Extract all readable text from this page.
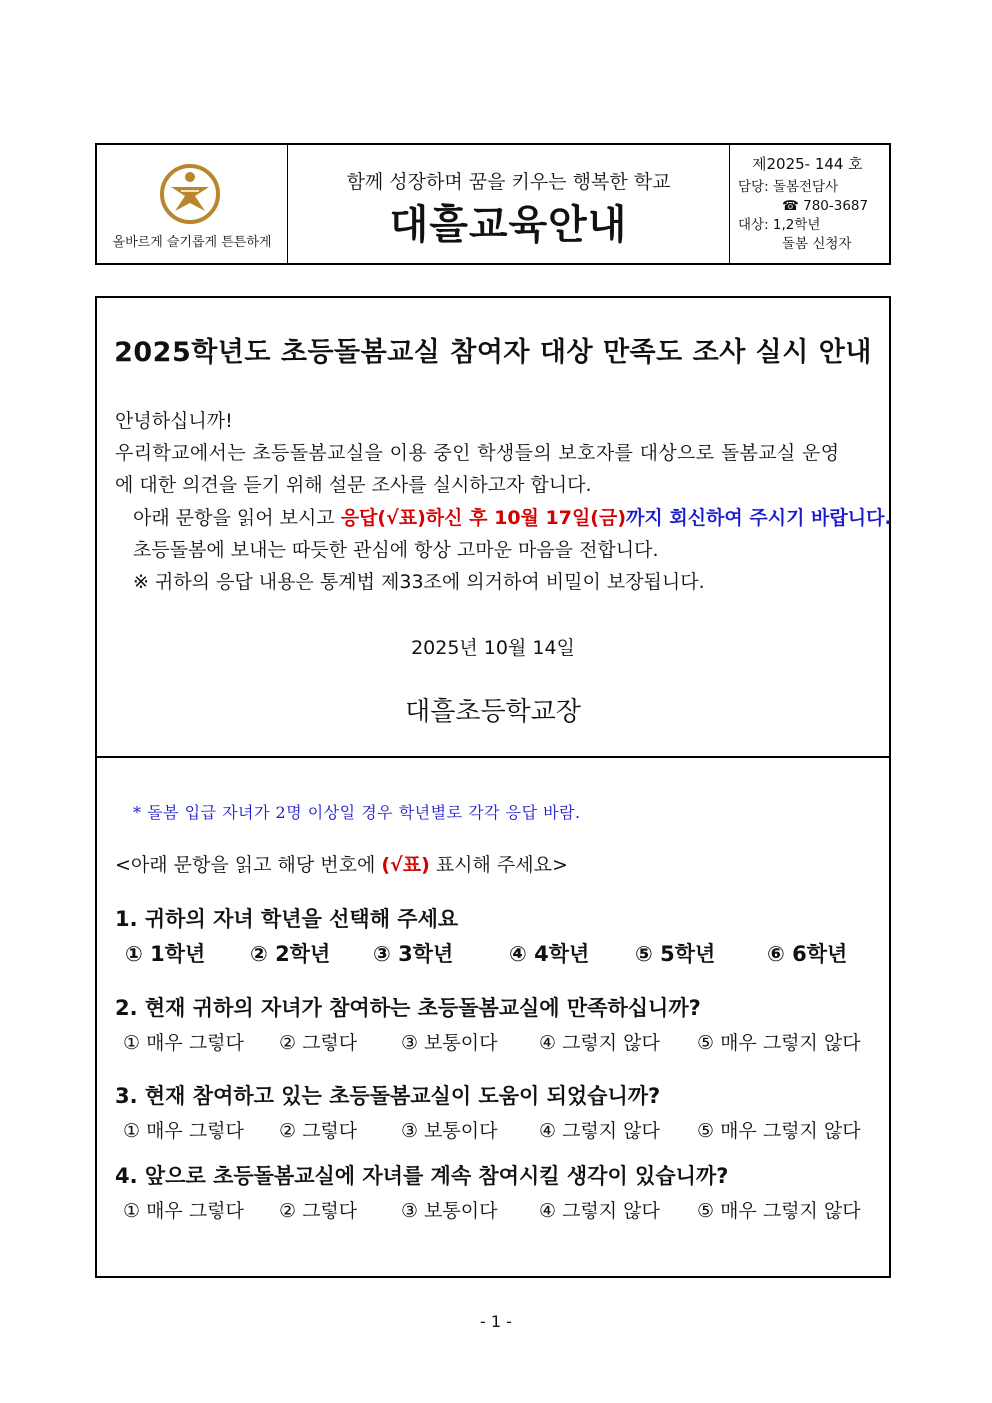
올바르게 슬기롭게 튼튼하게
함께 성장하며 꿈을 키우는 행복한 학교
대흘교육안내
제2025- 144 호
담당: 돌봄전담사
☎ 780-3687
대상: 1,2학년
돌봄 신청자
2025학년도 초등돌봄교실 참여자 대상 만족도 조사 실시 안내
안녕하십니까!
우리학교에서는 초등돌봄교실을 이용 중인 학생들의 보호자를 대상으로 돌봄교실 운영
에 대한 의견을 듣기 위해 설문 조사를 실시하고자 합니다.
아래 문항을 읽어 보시고 응답(√표)하신 후 10월 17일(금)까지 회신하여 주시기 바랍니다.
초등돌봄에 보내는 따듯한 관심에 항상 고마운 마음을 전합니다.
※ 귀하의 응답 내용은 통계법 제33조에 의거하여 비밀이 보장됩니다.
2025년 10월 14일
대흘초등학교장
* 돌봄 입급 자녀가 2명 이상일 경우 학년별로 각각 응답 바람.
<아래 문항을 읽고 해당 번호에 (√표) 표시해 주세요>
1. 귀하의 자녀 학년을 선택해 주세요
① 1학년 ② 2학년 ③ 3학년	④ 4학년 ⑤ 5학년 ⑥ 6학년
2. 현재 귀하의 자녀가 참여하는 초등돌봄교실에 만족하십니까?
① 매우 그렇다 ② 그렇다 ③ 보통이다 ④ 그렇지 않다 ⑤ 매우 그렇지 않다
3. 현재 참여하고 있는 초등돌봄교실이 도움이 되었습니까?
① 매우 그렇다 ② 그렇다 ③ 보통이다 ④ 그렇지 않다 ⑤ 매우 그렇지 않다
4. 앞으로 초등돌봄교실에 자녀를 계속 참여시킬 생각이 있습니까?
① 매우 그렇다 ② 그렇다 ③ 보통이다 ④ 그렇지 않다 ⑤ 매우 그렇지 않다
- 1 -
